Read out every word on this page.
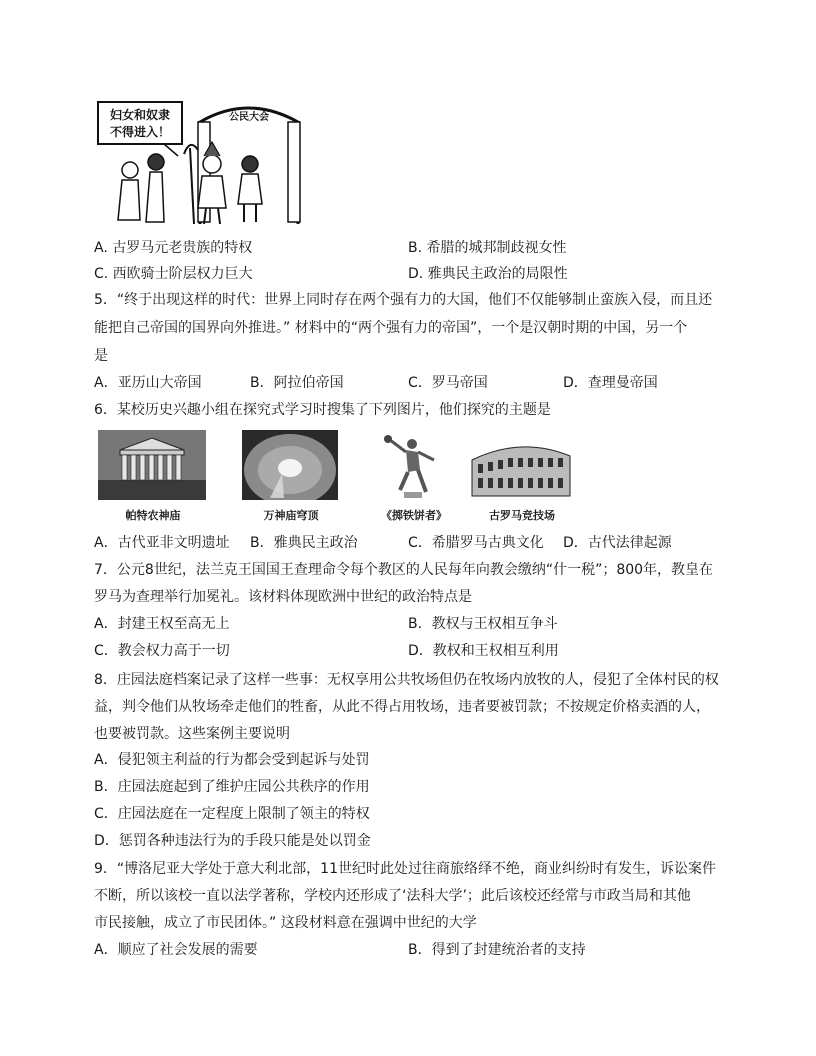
妇女和奴隶
不得进入！
公民大会
A. 古罗马元老贵族的特权	B. 希腊的城邦制歧视女性
C. 西欧骑士阶层权力巨大	D. 雅典民主政治的局限性
5．“终于出现这样的时代：世界上同时存在两个强有力的大国，他们不仅能够制止蛮族入侵，而且还
能把自己帝国的国界向外推进。” 材料中的“两个强有力的帝国”，一个是汉朝时期的中国，另一个
是
A．亚历山大帝国	B．阿拉伯帝国	C．罗马帝国	D．查理曼帝国
6．某校历史兴趣小组在探究式学习时搜集了下列图片，他们探究的主题是
帕特农神庙	万神庙穹顶	《掷铁饼者》	古罗马竞技场
A．古代亚非文明遗址 B．雅典民主政治	C．希腊罗马古典文化 D．古代法律起源
7．公元8世纪，法兰克王国国王查理命令每个教区的人民每年向教会缴纳“什一税”；800年，教皇在
罗马为查理举行加冕礼。该材料体现欧洲中世纪的政治特点是
A．封建王权至高无上	B．教权与王权相互争斗
C．教会权力高于一切	D．教权和王权相互利用
8．庄园法庭档案记录了这样一些事：无权享用公共牧场但仍在牧场内放牧的人，侵犯了全体村民的权
益，判令他们从牧场牵走他们的牲畜，从此不得占用牧场，违者要被罚款；不按规定价格卖酒的人，
也要被罚款。这些案例主要说明
A．侵犯领主利益的行为都会受到起诉与处罚
B．庄园法庭起到了维护庄园公共秩序的作用
C．庄园法庭在一定程度上限制了领主的特权
D．惩罚各种违法行为的手段只能是处以罚金
9．“博洛尼亚大学处于意大利北部，11世纪时此处过往商旅络绎不绝，商业纠纷时有发生，诉讼案件
不断，所以该校一直以法学著称，学校内还形成了‘法科大学’；此后该校还经常与市政当局和其他
市民接触，成立了市民团体。” 这段材料意在强调中世纪的大学
A．顺应了社会发展的需要	B．得到了封建统治者的支持
